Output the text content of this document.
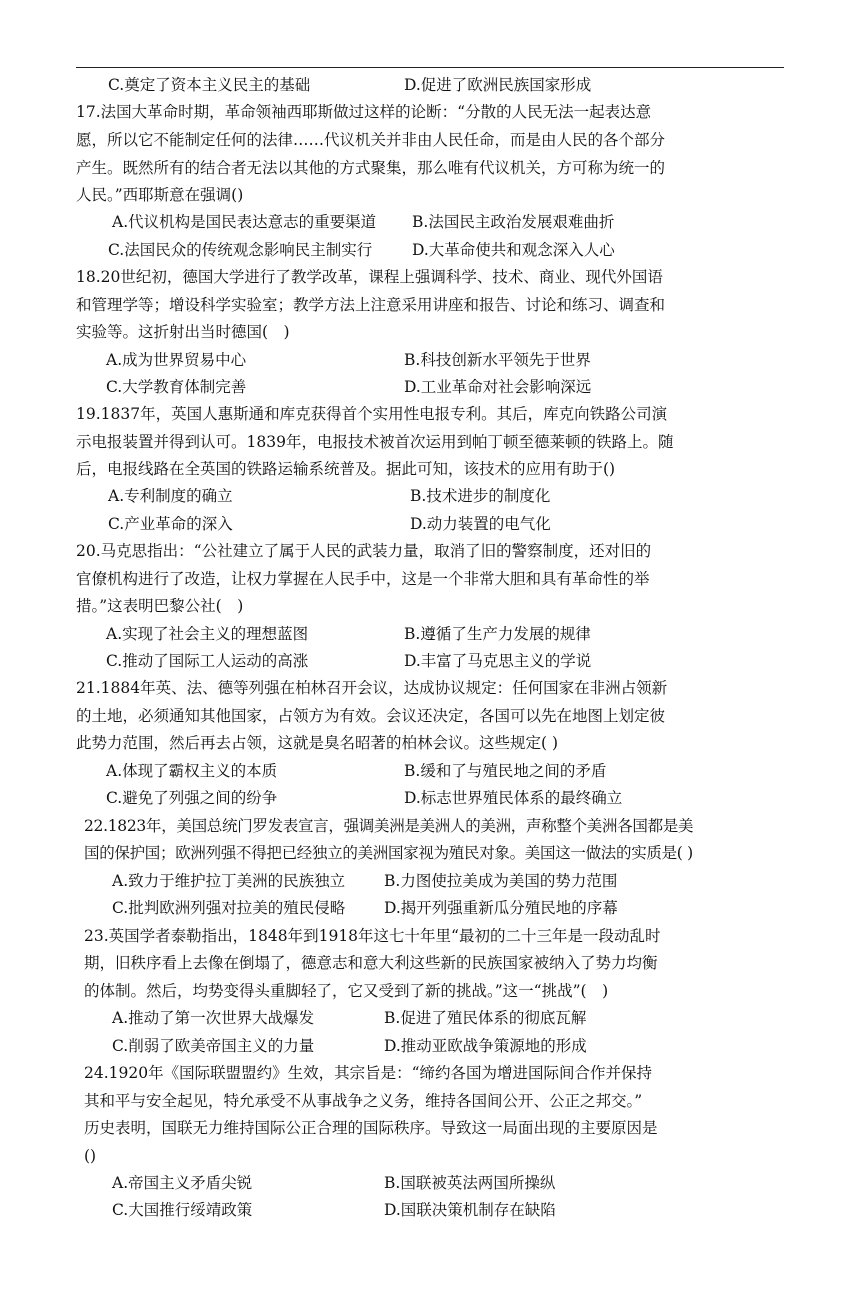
C.奠定了资本主义民主的基础	D.促进了欧洲民族国家形成
17.法国大革命时期，革命领袖西耶斯做过这样的论断：“分散的人民无法一起表达意
愿，所以它不能制定任何的法律……代议机关并非由人民任命，而是由人民的各个部分
产生。既然所有的结合者无法以其他的方式聚集，那么唯有代议机关，方可称为统一的
人民。”西耶斯意在强调()
A.代议机构是国民表达意志的重要渠道 B.法国民主政治发展艰难曲折
C.法国民众的传统观念影响民主制实行	D.大革命使共和观念深入人心
18.20世纪初，德国大学进行了教学改革，课程上强调科学、技术、商业、现代外国语
和管理学等；增设科学实验室；教学方法上注意采用讲座和报告、讨论和练习、调查和
实验等。这折射出当时德国(　)
A.成为世界贸易中心	B.科技创新水平领先于世界
C.大学教育体制完善	D.工业革命对社会影响深远
19.1837年，英国人惠斯通和库克获得首个实用性电报专利。其后，库克向铁路公司演
示电报装置并得到认可。1839年，电报技术被首次运用到帕丁顿至德莱顿的铁路上。随
后，电报线路在全英国的铁路运输系统普及。据此可知，该技术的应用有助于()
A.专利制度的确立	B.技术进步的制度化
C.产业革命的深入	D.动力装置的电气化
20.马克思指出：“公社建立了属于人民的武装力量，取消了旧的警察制度，还对旧的
官僚机构进行了改造，让权力掌握在人民手中，这是一个非常大胆和具有革命性的举
措。”这表明巴黎公社(　)
A.实现了社会主义的理想蓝图	B.遵循了生产力发展的规律
C.推动了国际工人运动的高涨	D.丰富了马克思主义的学说
21.1884年英、法、德等列强在柏林召开会议，达成协议规定：任何国家在非洲占领新
的土地，必须通知其他国家，占领方为有效。会议还决定，各国可以先在地图上划定彼
此势力范围，然后再去占领，这就是臭名昭著的柏林会议。这些规定( )
A.体现了霸权主义的本质	B.缓和了与殖民地之间的矛盾
C.避免了列强之间的纷争	D.标志世界殖民体系的最终确立
22.1823年，美国总统门罗发表宣言，强调美洲是美洲人的美洲，声称整个美洲各国都是美
国的保护国；欧洲列强不得把已经独立的美洲国家视为殖民对象。美国这一做法的实质是( )
A.致力于维护拉丁美洲的民族独立	B.力图使拉美成为美国的势力范围
C.批判欧洲列强对拉美的殖民侵略	D.揭开列强重新瓜分殖民地的序幕
23.英国学者泰勒指出，1848年到1918年这七十年里“最初的二十三年是一段动乱时
期，旧秩序看上去像在倒塌了，德意志和意大利这些新的民族国家被纳入了势力均衡
的体制。然后，均势变得头重脚轻了，它又受到了新的挑战。”这一“挑战”(　)
A.推动了第一次世界大战爆发	B.促进了殖民体系的彻底瓦解
C.削弱了欧美帝国主义的力量	D.推动亚欧战争策源地的形成
24.1920年《国际联盟盟约》生效，其宗旨是：“缔约各国为增进国际间合作并保持
其和平与安全起见，特允承受不从事战争之义务，维持各国间公开、公正之邦交。”
历史表明，国联无力维持国际公正合理的国际秩序。导致这一局面出现的主要原因是
()
A.帝国主义矛盾尖锐	B.国联被英法两国所操纵
C.大国推行绥靖政策	D.国联决策机制存在缺陷
